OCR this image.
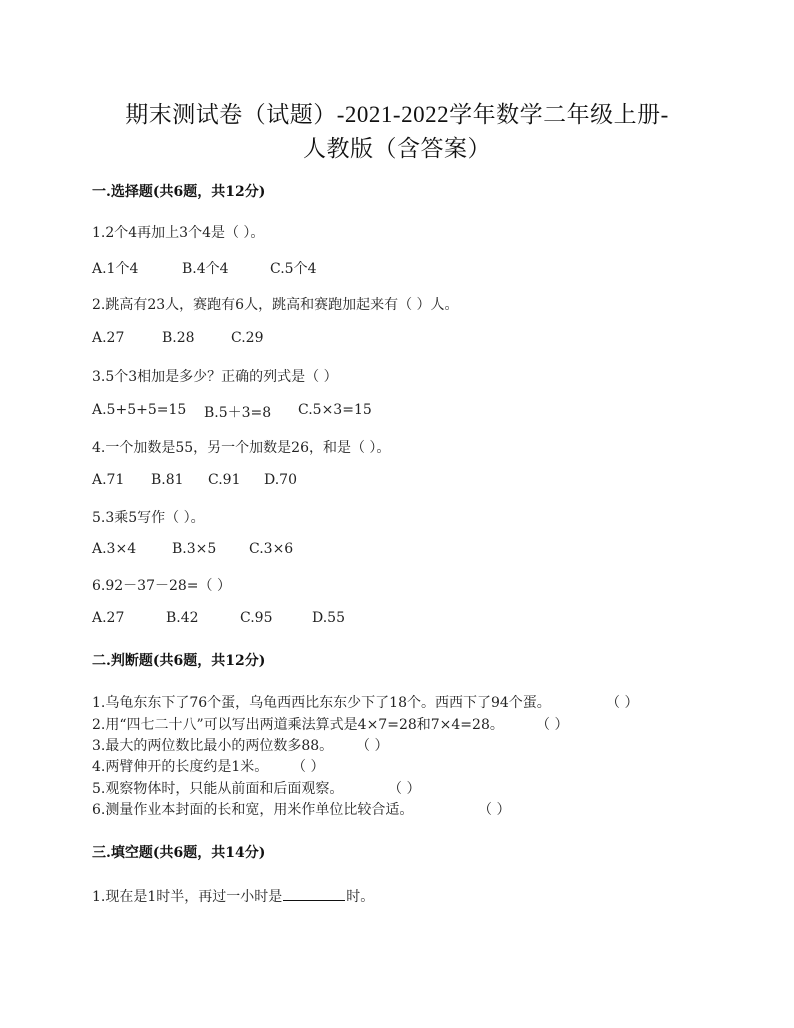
期末测试卷（试题）-2021-2022学年数学二年级上册-
人教版（含答案）
一.选择题(共6题，共12分)
1.2个4再加上3个4是（ ）。
A.1个4	B.4个4	C.5个4
2.跳高有23人，赛跑有6人，跳高和赛跑加起来有（ ）人。
A.27	B.28	C.29
3.5个3相加是多少？正确的列式是（ ）
A.5+5+5=15 B.5＋3=8 C.5×3=15
4.一个加数是55，另一个加数是26，和是（ ）。
A.71 B.81 C.91 D.70
5.3乘5写作（ ）。
A.3×4	B.3×5 C.3×6
6.92－37－28=（ ）
A.27	B.42	C.95	D.55
二.判断题(共6题，共12分)
1.乌龟东东下了76个蛋，乌龟西西比东东少下了18个。西西下了94个蛋。	（ ）
2.用“四七二十八”可以写出两道乘法算式是4×7=28和7×4=28。 （ ）
3.最大的两位数比最小的两位数多88。 （ ）
4.两臂伸开的长度约是1米。 （ ）
5.观察物体时，只能从前面和后面观察。	（ ）
6.测量作业本封面的长和宽，用米作单位比较合适。	（ ）
三.填空题(共6题，共14分)
1.现在是1时半，再过一小时是	时。
